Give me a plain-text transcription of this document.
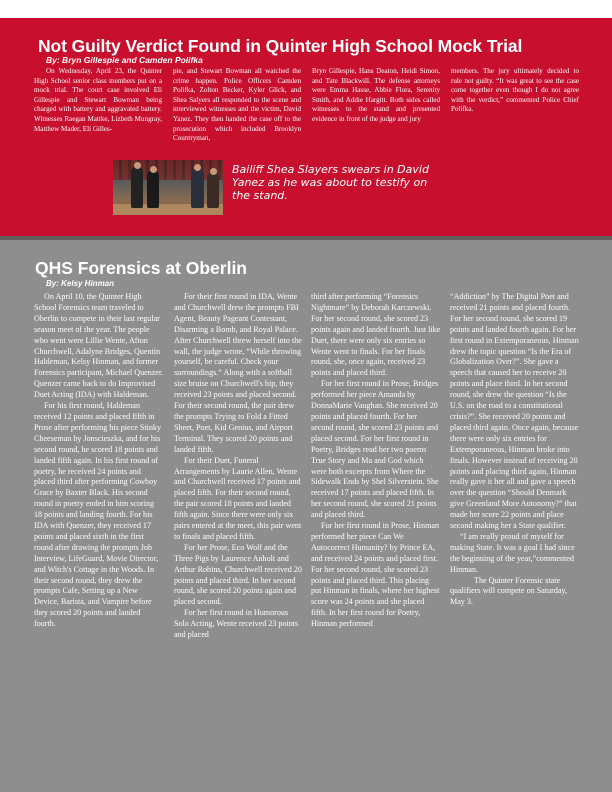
Not Guilty Verdict Found in Quinter High School Mock Trial
By: Bryn Gillespie and Camden Polifka

On Wednesday, April 23, the Quinter High School senior class members put on a mock trial. The court case involved Eli Gillespie and Stewart Bowman being charged with battery and aggravated battery. Witnesses Raegan Mattke, Lizbeth Mungray, Matthew Mader, Eli Gilles-

pie, and Stewart Bowman all watched the crime happen. Police Officers Camden Polifka, Zolton Becker, Kyler Glick, and Shea Salyers all responded to the scene and interviewed witnesses and the victim, David Yanez. They then handed the case off to the prosecution which included Brooklyn Countryman,

Bryn Gillespie, Hans Deaton, Heidi Simon, and Tate Blackwill. The defense attorneys were Emma Hasse, Abbie Flora, Serenity Smith, and Addie Hargitt. Both sides called witnesses to the stand and presented evidence in front of the judge and jury

members. The jury ultimately decided to rule not guilty. “It was great to see the case come together even though I do not agree with the verdict,” commented Police Chief Polifka.

Bailiff Shea Slayers swears in David Yanez as he was about to testify on the stand.
QHS Forensics at Oberlin
By: Kelsy Hinman

On April 10, the Quinter High School Forensics team traveled to Oberlin to compete in their last regular season meet of the year. The people who went were Lillie Wente, Afton Churchwell, Adalyne Bridges, Quentin Haldeman, Kelsy Hinman, and former Forensics participant, Michael Quenzer. Quenzer came back to do Improvised Duet Acting (IDA) with Haldeman.

For his first round, Haldeman received 12 points and placed fifth in Prose after performing his piece Stinky Cheeseman by Jonscieszka, and for his second round, he scored 18 points and landed fifth again. In his first round of poetry, he received 24 points and placed third after performing Cowboy Grace by Baxter Black. His second round in poetry ended in him scoring 18 points and landing fourth. For his IDA with Quenzer, they received 17 points and placed sixth in the first round after drawing the prompts Job Interview, LifeGuard, Movie Director, and Witch's Cottage in the Woods. In their second round, they drew the prompts Cafe, Setting up a New Device, Barista, and Vampire before they scored 20 points and landed fourth.

For their first round in IDA, Wente and Churchwell drew the prompts FBI Agent, Beauty Pageant Contestant, Disarming a Bomb, and Royal Palace. After Churchwell threw herself into the wall, the judge wrote, “While throwing yourself, be careful. Check your surroundings.” Along with a softball size bruise on Churchwell's hip, they received 23 points and placed second. For their second round, the pair drew the prompts Trying to Fold a Fitted Sheet, Poet, Kid Genius, and Airport Terminal. They scored 20 points and landed fifth.

For their Duet, Funeral Arrangements by Laurie Allen, Wente and Churchwell received 17 points and placed fifth. For their second round, the pair scored 18 points and landed fifth again. Since there were only six pairs entered at the meet, this pair went to finals and placed fifth.

For her Prose, Eco Wolf and the Three Pigs by Laurence Anholt and Arthur Robins, Churchwell received 20 points and placed third. In her second round, she scored 20 points again and placed second.

For her first round in Humorous Solo Acting, Wente received 23 points and placed

third after performing “Forensics Nightmare” by Deborah Karczewski. For her second round, she scored 23 points again and landed fourth. Just like Duet, there were only six entries so Wente went to finals. For her finals round, she, once again, received 23 points and placed third.

For her first round in Prose, Bridges performed her piece Amanda by DonnaMarie Vaughan. She received 20 points and placed fourth. For her second round, she scored 23 points and placed second. For her first round in Poetry, Bridges read her two poems True Story and Ma and God which were both excerpts from Where the Sidewalk Ends by Shel Silverstein. She received 17 points and placed fifth. In her second round, she scored 21 points and placed third.

For her first round in Prose, Hinman performed her piece Can We Autocorrect Humanity? by Prince EA, and received 24 points and placed first. For her second round, she scored 23 points and placed third. This placing put Hinman in finals, where her highest score was 24 points and she placed fifth. In her first round for Poetry, Hinman performed

“Addiction” by The Digital Poet and received 21 points and placed fourth. For her second round, she scored 19 points and landed fourth again. For her first round in Extemporaneous, Hinman drew the topic question “Is the Era of Globalization Over?”. She gave a speech that caused her to receive 20 points and place third. In her second round, she drew the question “Is the U.S. on the road to a constitutional crisis?”. She received 20 points and placed third again. Once again, because there were only six entries for Extemporaneous, Hinman broke into finals. However instead of receiving 20 points and placing third again, Hinman really gave it her all and gave a speech over the question “Should Denmark give Greenland More Autonomy?” that made her score 22 points and place second making her a State qualifier.

“I am really proud of myself for making State. It was a goal I had since the beginning of the year,”commented Hinman.

The Quinter Forensic state qualifiers will compete on Saturday, May 3.
